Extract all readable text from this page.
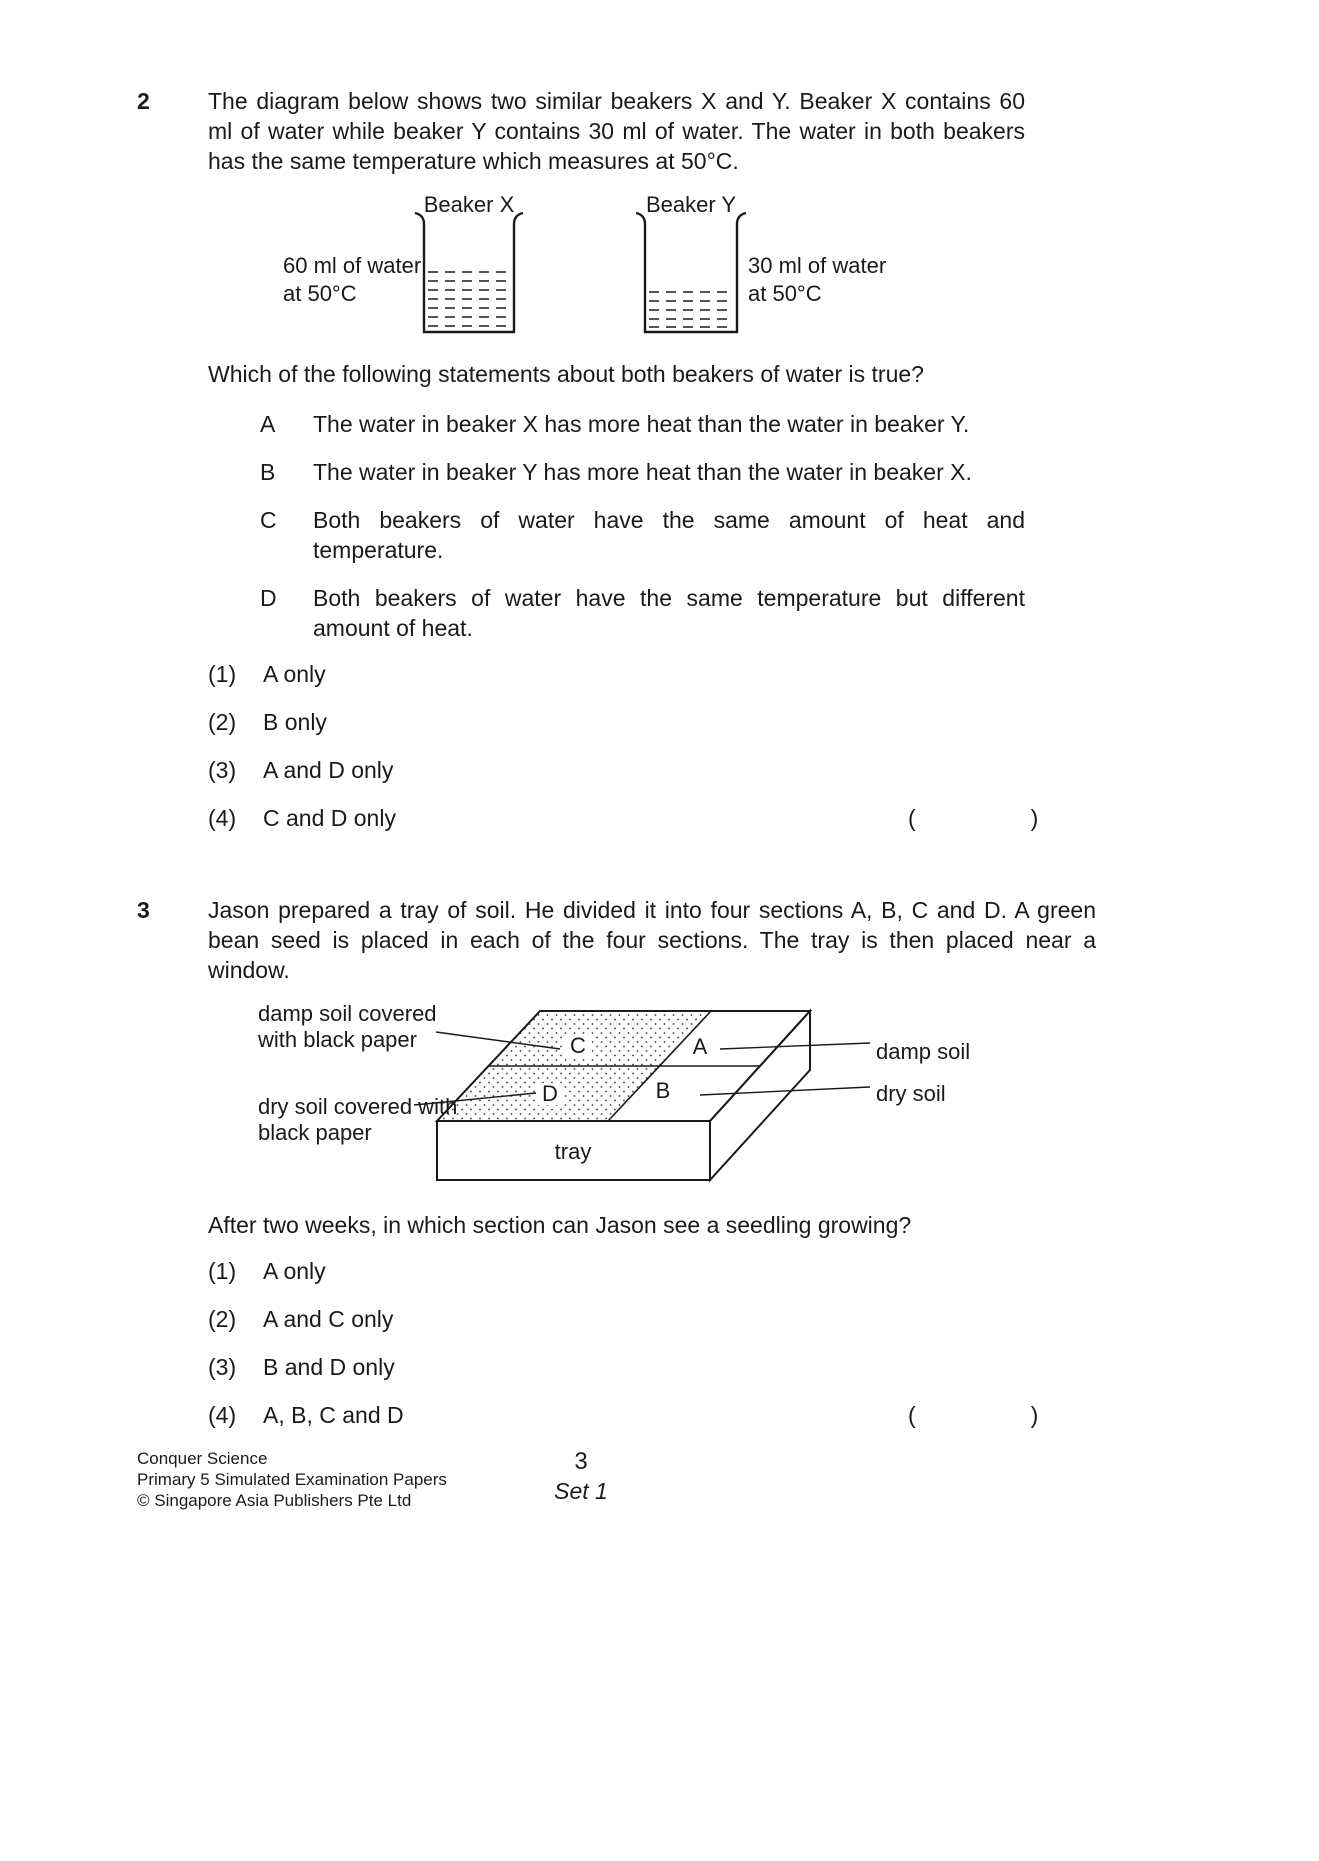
2	The diagram below shows two similar beakers X and Y. Beaker X contains 60 ml of water while beaker Y contains 30 ml of water. The water in both beakers has the same temperature which measures at 50°C.

Beaker X	Beaker Y
60 ml of water
at 50°C
30 ml of water
at 50°C

Which of the following statements about both beakers of water is true?

A	The water in beaker X has more heat than the water in beaker Y.
B	The water in beaker Y has more heat than the water in beaker X.
C	Both beakers of water have the same amount of heat and temperature.
D	Both beakers of water have the same temperature but different amount of heat.
(1)	A only
(2)	B only
(3)	A and D only
(4)	C and D only	(                  )
3	Jason prepared a tray of soil. He divided it into four sections A, B, C and D. A green bean seed is placed in each of the four sections. The tray is then placed near a window.

C	A
D	B
tray
damp soil covered with black paper
dry soil covered with black paper
damp soil
dry soil

After two weeks, in which section can Jason see a seedling growing?

(1)	A only
(2)	A and C only
(3)	B and D only
(4)	A, B, C and D	(                  )
3
Set 1
Conquer Science
Primary 5 Simulated Examination Papers
© Singapore Asia Publishers Pte Ltd
